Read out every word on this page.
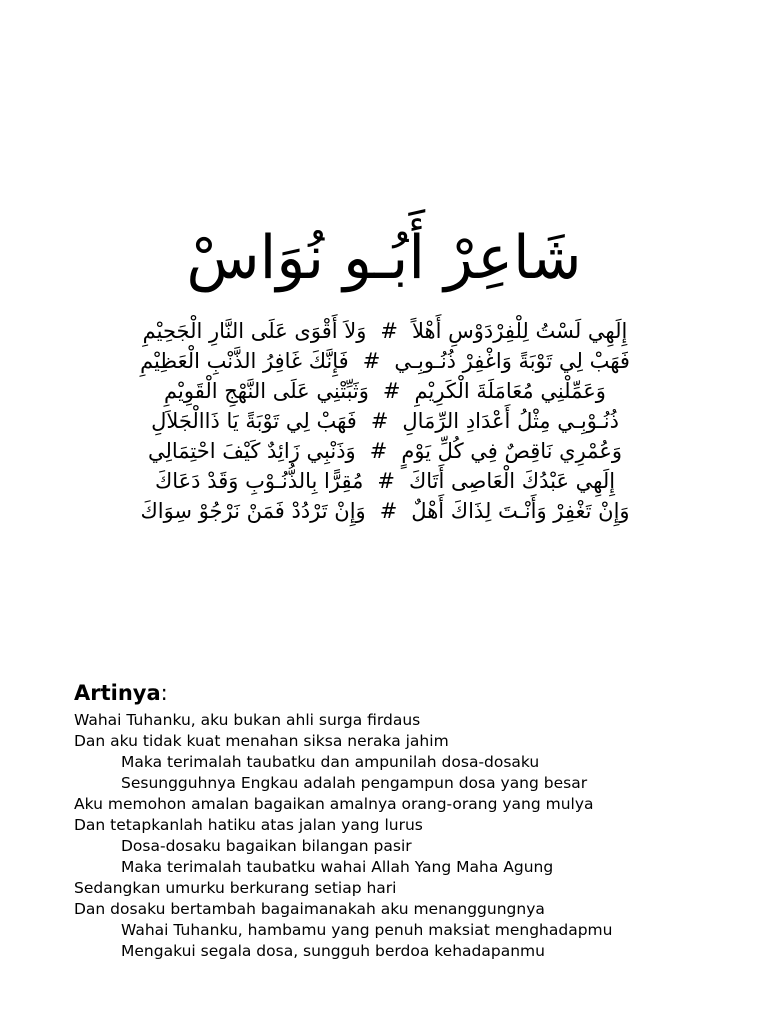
شَاعِرْ أَبُـو نُوَاسْ

إِلَهِي لَسْتُ لِلْفِرْدَوْسِ أَهْلاً#وَلاَ أَقْوَى عَلَى النَّارِ الْجَحِيْمِ

فَهَبْ لِي تَوْبَةً وَاغْفِرْ ذُنُـوبِـي#فَإِنَّكَ غَافِرُ الذَّنْبِ الْعَظِيْمِ

وَعَمِّلْنِي مُعَامَلَةَ الْكَرِيْمِ#وَثَبِّتْنِي عَلَى النَّهْجِ الْقَوِيْمِ

ذُنُـوْبِـي مِثْلُ أَعْدَادِ الرِّمَالِ#فَهَبْ لِي تَوْبَةً يَا ذَاالْجَلاَلِ

وَعُمْرِي نَاقِصٌ فِي كُلِّ يَوْمٍ#وَذَنْبِي زَائِدٌ كَيْفَ احْتِمَالِي

إِلَهِي عَبْدُكَ الْعَاصِى أَتَاكَ#مُقِرًّا بِالذُّنُـوْبِ وَقَدْ دَعَاكَ

وَإِنْ تَغْفِرْ وَأَنْـتَ لِذَاكَ أَهْلٌ#وَإِنْ تَرْدُدْ فَمَنْ نَرْجُوْ سِوَاكَ

Artinya:

Wahai Tuhanku, aku bukan ahli surga firdaus

Dan aku tidak kuat menahan siksa neraka jahim

Maka terimalah taubatku dan ampunilah dosa-dosaku

Sesungguhnya Engkau adalah pengampun dosa yang besar

Aku memohon amalan bagaikan amalnya orang-orang yang mulya

Dan tetapkanlah hatiku atas jalan yang lurus

Dosa-dosaku bagaikan bilangan pasir

Maka terimalah taubatku wahai Allah Yang Maha Agung

Sedangkan umurku berkurang setiap hari

Dan dosaku bertambah bagaimanakah aku menanggungnya

Wahai Tuhanku, hambamu yang penuh maksiat menghadapmu

Mengakui segala dosa, sungguh berdoa kehadapanmu
